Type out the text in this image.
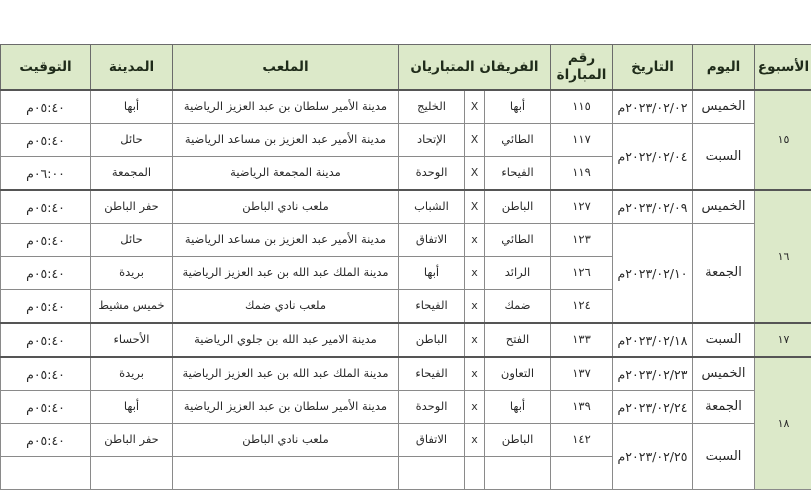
الأسبوع	اليوم	التاريخ	رقم المباراة	الفريقان المتباريان			الملعب	المدينة	التوقيت
١٥	الخميس	٢٠٢٣/٠٢/٠٢م	١١٥	أبها	X	الخليج	مدينة الأمير سلطان بن عبد العزيز الرياضية	أبها	٠٥:٤٠م
	السبت	٢٠٢٢/٠٢/٠٤م	١١٧	الطائي	X	الإتحاد	مدينة الأمير عبد العزيز بن مساعد الرياضية	حائل	٠٥:٤٠م
			١١٩	الفيحاء	X	الوحدة	مدينة المجمعة الرياضية	المجمعة	٠٦:٠٠م
١٦	الخميس	٢٠٢٣/٠٢/٠٩م	١٢٧	الباطن	X	الشباب	ملعب نادي الباطن	حفر الباطن	٠٥:٤٠م
	الجمعة	٢٠٢٣/٠٢/١٠م	١٢٣	الطائي	x	الاتفاق	مدينة الأمير عبد العزيز بن مساعد الرياضية	حائل	٠٥:٤٠م
			١٢٦	الرائد	x	أبها	مدينة الملك عبد الله بن عبد العزيز الرياضية	بريدة	٠٥:٤٠م
			١٢٤	ضمك	x	الفيحاء	ملعب نادي ضمك	خميس مشيط	٠٥:٤٠م
١٧	السبت	٢٠٢٣/٠٢/١٨م	١٣٣	الفتح	x	الباطن	مدينة الامير عبد الله بن جلوي الرياضية	الأحساء	٠٥:٤٠م
١٨	الخميس	٢٠٢٣/٠٢/٢٣م	١٣٧	التعاون	x	الفيحاء	مدينة الملك عبد الله بن عبد العزيز الرياضية	بريدة	٠٥:٤٠م
	الجمعة	٢٠٢٣/٠٢/٢٤م	١٣٩	أبها	x	الوحدة	مدينة الأمير سلطان بن عبد العزيز الرياضية	أبها	٠٥:٤٠م
	السبت	٢٠٢٣/٠٢/٢٥م	١٤٢	الباطن	x	الاتفاق	ملعب نادي الباطن	حفر الباطن	٠٥:٤٠م
